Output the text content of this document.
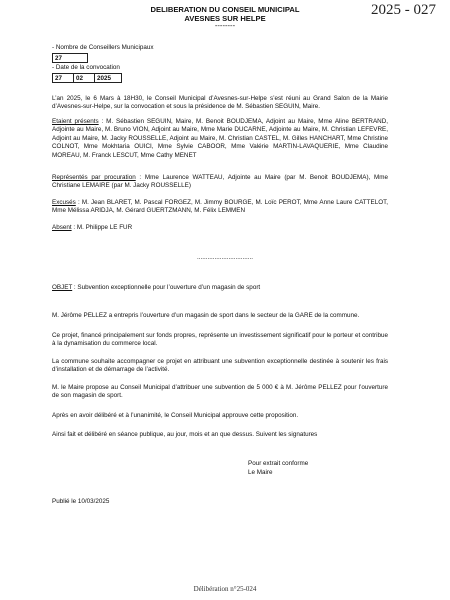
DELIBERATION DU CONSEIL MUNICIPAL
AVESNES SUR HELPE
--------
2025 - 027
- Nombre de Conseillers Municipaux
27
- Date de la convocation
27	02	2025
L’an 2025, le 6 Mars à 18H30, le Conseil Municipal d’Avesnes-sur-Helpe s’est réuni au Grand Salon de la Mairie d’Avesnes-sur-Helpe, sur la convocation et sous la présidence de M. Sébastien SEGUIN, Maire.
Etaient présents : M. Sébastien SEGUIN, Maire, M. Benoit BOUDJEMA, Adjoint au Maire, Mme Aline BERTRAND, Adjointe au Maire, M. Bruno VION, Adjoint au Maire, Mme Marie DUCARNE, Adjointe au Maire, M. Christian LEFEVRE, Adjoint au Maire, M. Jacky ROUSSELLE, Adjoint au Maire, M. Christian CASTEL, M. Gilles HANCHART, Mme Christine COLNOT, Mme Mokhtaria OUICI, Mme Sylvie CABOOR, Mme Valérie MARTIN-LAVAQUERIE, Mme Claudine MOREAU, M. Franck LESCUT, Mme Cathy MENET
Représentés par procuration : Mme Laurence WATTEAU, Adjointe au Maire (par M. Benoit BOUDJEMA), Mme Christiane LEMAIRE (par M. Jacky ROUSSELLE)
Excusés : M. Jean BLARET, M. Pascal FORGEZ, M. Jimmy BOURGE, M. Loïc PEROT, Mme Anne Laure CATTELOT, Mme Mélissa ARIDJA, M. Gérard GUERTZMANN, M. Félix LEMMEN
Absent : M. Philippe LE FUR
................................
OBJET : Subvention exceptionnelle pour l’ouverture d’un magasin de sport
M. Jérôme PELLEZ a entrepris l’ouverture d’un magasin de sport dans le secteur de la GARE de la commune.
Ce projet, financé principalement sur fonds propres, représente un investissement significatif pour le porteur et contribue à la dynamisation du commerce local.
La commune souhaite accompagner ce projet en attribuant une subvention exceptionnelle destinée à soutenir les frais d’installation et de démarrage de l’activité.
M. le Maire propose au Conseil Municipal d’attribuer une subvention de 5 000 € à M. Jérôme PELLEZ pour l’ouverture de son magasin de sport.
Après en avoir délibéré et à l’unanimité, le Conseil Municipal approuve cette proposition.
Ainsi fait et délibéré en séance publique, au jour, mois et an que dessus. Suivent les signatures
Pour extrait conforme
Le Maire
Publié le 10/03/2025
Délibération n°25-024
